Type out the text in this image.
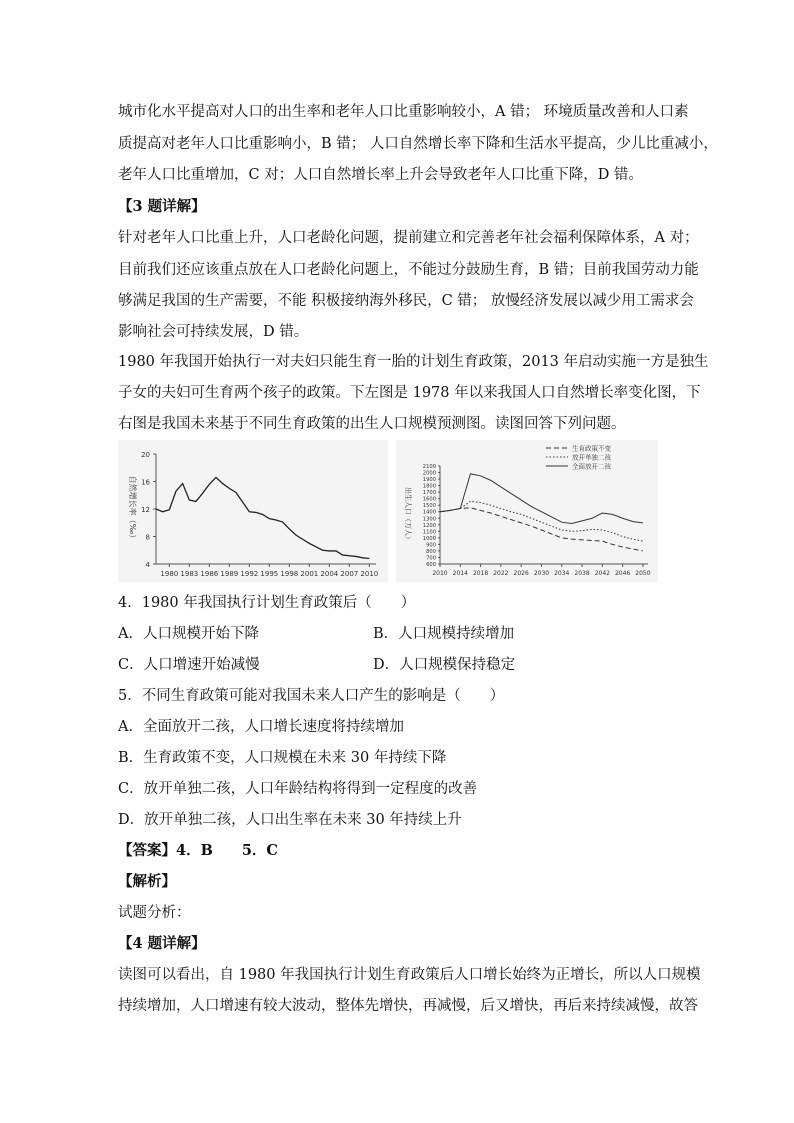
城市化水平提高对人口的出生率和老年人口比重影响较小，A 错； 环境质量改善和人口素
质提高对老年人口比重影响小，B 错； 人口自然增长率下降和生活水平提高，少儿比重减小，
老年人口比重增加，C 对；人口自然增长率上升会导致老年人口比重下降，D 错。
【3 题详解】
针对老年人口比重上升，人口老龄化问题，提前建立和完善老年社会福利保障体系，A 对；
目前我们还应该重点放在人口老龄化问题上，不能过分鼓励生育，B 错；目前我国劳动力能
够满足我国的生产需要，不能 积极接纳海外移民，C 错； 放慢经济发展以减少用工需求会
影响社会可持续发展，D 错。
1980 年我国开始执行一对夫妇只能生育一胎的计划生育政策，2013 年启动实施一方是独生
子女的夫妇可生育两个孩子的政策。下左图是 1978 年以来我国人口自然增长率变化图，下
右图是我国未来基于不同生育政策的出生人口规模预测图。读图回答下列问题。
4
8
12
16
20
1980 1983 1986 1989 1992 1995 1998 2001 2004 2007 2010
自然增长率（‰）
600
700
800
900
1000
1100
1200
1300
1400
1500
1600
1700
1800
1900
2000
2100
2010 2014 2018 2022 2026 2030 2034 2038 2042 2046 2050
出生人口（万人）
生育政策不变
放开单独二孩
全面放开二孩
4．1980 年我国执行计划生育政策后（　　）
A．人口规模开始下降	B．人口规模持续增加
C．人口增速开始减慢	D．人口规模保持稳定
5．不同生育政策可能对我国未来人口产生的影响是（　　）
A．全面放开二孩，人口增长速度将持续增加
B．生育政策不变，人口规模在未来 30 年持续下降
C．放开单独二孩，人口年龄结构将得到一定程度的改善
D．放开单独二孩，人口出生率在未来 30 年持续上升
【答案】4．B　　5．C
【解析】
试题分析：
【4 题详解】
读图可以看出，自 1980 年我国执行计划生育政策后人口增长始终为正增长，所以人口规模
持续增加，人口增速有较大波动，整体先增快，再减慢，后又增快，再后来持续减慢，故答
